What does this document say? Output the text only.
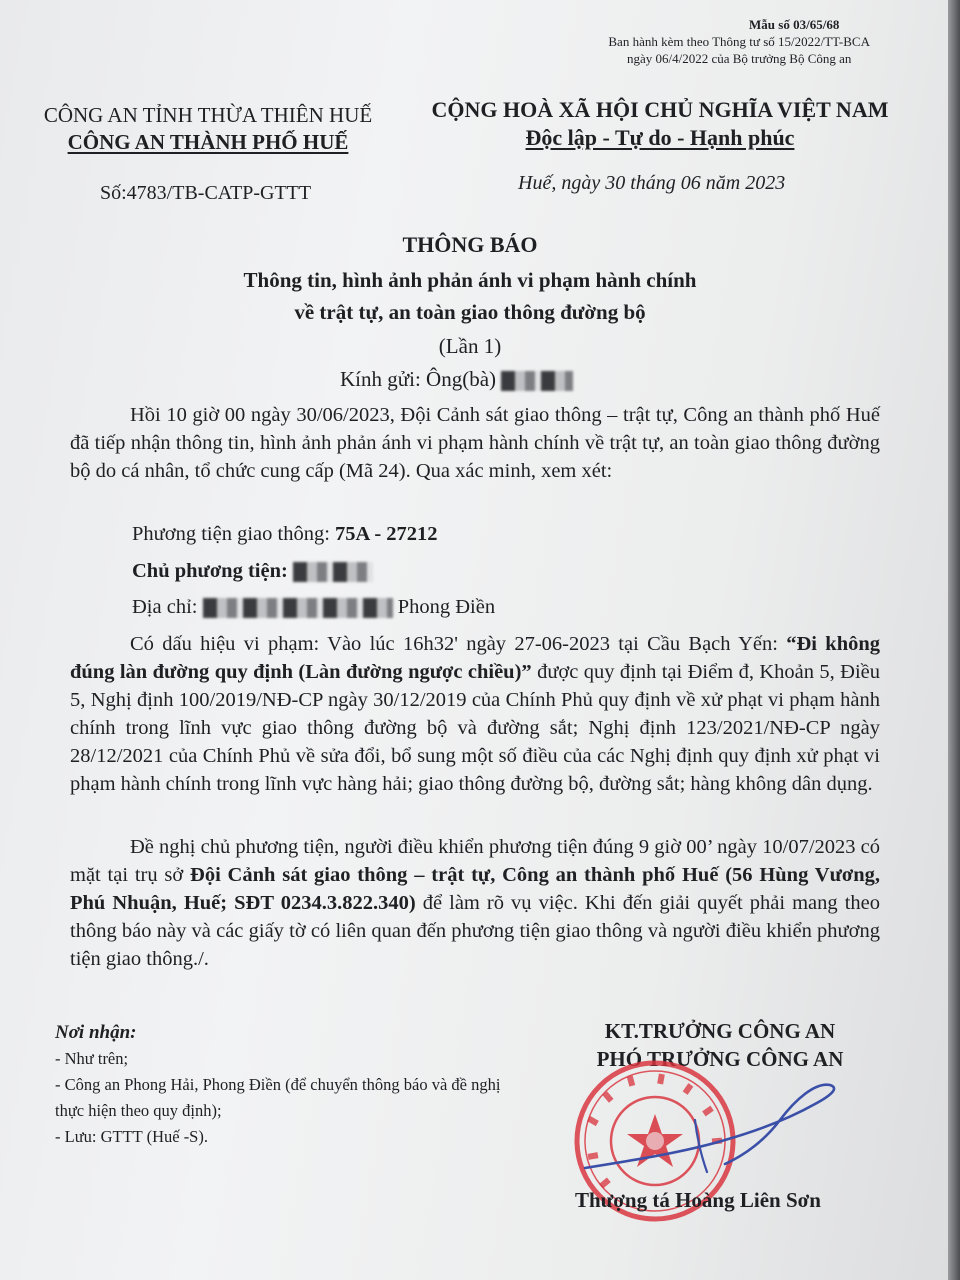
Mẫu số 03/65/68
Ban hành kèm theo Thông tư số 15/2022/TT-BCA
ngày 06/4/2022 của Bộ trưởng Bộ Công an
CÔNG AN TỈNH THỪA THIÊN HUẾ
CÔNG AN THÀNH PHỐ HUẾ
Số:4783/TB-CATP-GTTT
CỘNG HOÀ XÃ HỘI CHỦ NGHĨA VIỆT NAM
Độc lập - Tự do - Hạnh phúc
Huế, ngày 30 tháng 06 năm 2023
THÔNG BÁO
Thông tin, hình ảnh phản ánh vi phạm hành chính
về trật tự, an toàn giao thông đường bộ
(Lần 1)
Kính gửi: Ông(bà)
Hồi 10 giờ 00 ngày 30/06/2023, Đội Cảnh sát giao thông – trật tự, Công an thành phố Huế đã tiếp nhận thông tin, hình ảnh phản ánh vi phạm hành chính về trật tự, an toàn giao thông đường bộ do cá nhân, tổ chức cung cấp (Mã 24). Qua xác minh, xem xét:
Phương tiện giao thông: 75A - 27212
Chủ phương tiện:
Địa chỉ:	Phong Điền
Có dấu hiệu vi phạm: Vào lúc 16h32' ngày 27-06-2023 tại Cầu Bạch Yến: “Đi không đúng làn đường quy định (Làn đường ngược chiều)” được quy định tại Điểm đ, Khoản 5, Điều 5, Nghị định 100/2019/NĐ-CP ngày 30/12/2019 của Chính Phủ quy định về xử phạt vi phạm hành chính trong lĩnh vực giao thông đường bộ và đường sắt; Nghị định 123/2021/NĐ-CP ngày 28/12/2021 của Chính Phủ về sửa đổi, bổ sung một số điều của các Nghị định quy định xử phạt vi phạm hành chính trong lĩnh vực hàng hải; giao thông đường bộ, đường sắt; hàng không dân dụng.
Đề nghị chủ phương tiện, người điều khiển phương tiện đúng 9 giờ 00’ ngày 10/07/2023 có mặt tại trụ sở Đội Cảnh sát giao thông – trật tự, Công an thành phố Huế (56 Hùng Vương, Phú Nhuận, Huế; SĐT 0234.3.822.340) để làm rõ vụ việc. Khi đến giải quyết phải mang theo thông báo này và các giấy tờ có liên quan đến phương tiện giao thông và người điều khiển phương tiện giao thông./.
Nơi nhận:
- Như trên;
- Công an Phong Hải, Phong Điền (để chuyển thông báo và đề nghị thực hiện theo quy định);
- Lưu: GTTT (Huế -S).
KT.TRƯỞNG CÔNG AN
PHÓ TRƯỞNG CÔNG AN
Thượng tá Hoàng Liên Sơn
